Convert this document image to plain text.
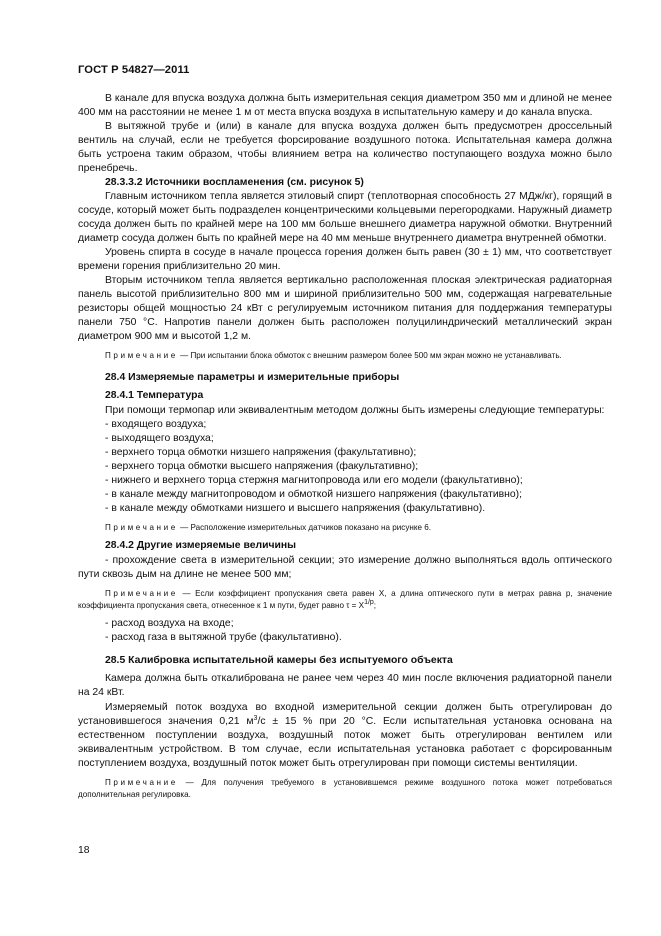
ГОСТ Р 54827—2011

В канале для впуска воздуха должна быть измерительная секция диаметром 350 мм и длиной не менее 400 мм на расстоянии не менее 1 м от места впуска воздуха в испытательную камеру и до канала впуска.

В вытяжной трубе и (или) в канале для впуска воздуха должен быть предусмотрен дроссельный вентиль на случай, если не требуется форсирование воздушного потока. Испытательная камера должна быть устроена таким образом, чтобы влиянием ветра на количество поступающего воздуха можно было пренебречь.

28.3.3.2 Источники воспламенения (см. рисунок 5)

Главным источником тепла является этиловый спирт (теплотворная способность 27 МДж/кг), горящий в сосуде, который может быть подразделен концентрическими кольцевыми перегородками. Наружный диаметр сосуда должен быть по крайней мере на 100 мм больше внешнего диаметра наружной обмотки. Внутренний диаметр сосуда должен быть по крайней мере на 40 мм меньше внутреннего диаметра внутренней обмотки.

Уровень спирта в сосуде в начале процесса горения должен быть равен (30 ± 1) мм, что соответствует времени горения приблизительно 20 мин.

Вторым источником тепла является вертикально расположенная плоская электрическая радиаторная панель высотой приблизительно 800 мм и шириной приблизительно 500 мм, содержащая нагревательные резисторы общей мощностью 24 кВт с регулируемым источником питания для поддержания температуры панели 750 °С. Напротив панели должен быть расположен полуцилиндрический металлический экран диаметром 900 мм и высотой 1,2 м.

Примечание — При испытании блока обмоток с внешним размером более 500 мм экран можно не устанавливать.
28.4 Измеряемые параметры и измерительные приборы
28.4.1 Температура

При помощи термопар или эквивалентным методом должны быть измерены следующие температуры:

- входящего воздуха;
- выходящего воздуха;
- верхнего торца обмотки низшего напряжения (факультативно);
- верхнего торца обмотки высшего напряжения (факультативно);
- нижнего и верхнего торца стержня магнитопровода или его модели (факультативно);
- в канале между магнитопроводом и обмоткой низшего напряжения (факультативно);
- в канале между обмотками низшего и высшего напряжения (факультативно).
Примечание — Расположение измерительных датчиков показано на рисунке 6.
28.4.2 Другие измеряемые величины

- прохождение света в измерительной секции; это измерение должно выполняться вдоль оптического пути сквозь дым на длине не менее 500 мм;

Примечание — Если коэффициент пропускания света равен X, а длина оптического пути в метрах равна p, значение коэффициента пропускания света, отнесенное к 1 м пути, будет равно $\tau = X^{1/p}$;
- расход воздуха на входе;
- расход газа в вытяжной трубе (факультативно).
28.5 Калибровка испытательной камеры без испытуемого объекта

Камера должна быть откалибрована не ранее чем через 40 мин после включения радиаторной панели на 24 кВт.

Измеряемый поток воздуха во входной измерительной секции должен быть отрегулирован до установившегося значения 0,21 $м^3/с \pm 15$ % при 20 °С. Если испытательная установка основана на естественном поступлении воздуха, воздушный поток может быть отрегулирован вентилем или эквивалентным устройством. В том случае, если испытательная установка работает с форсированным поступлением воздуха, воздушный поток может быть отрегулирован при помощи системы вентиляции.

Примечание — Для получения требуемого в установившемся режиме воздушного потока может потребоваться дополнительная регулировка.
18
